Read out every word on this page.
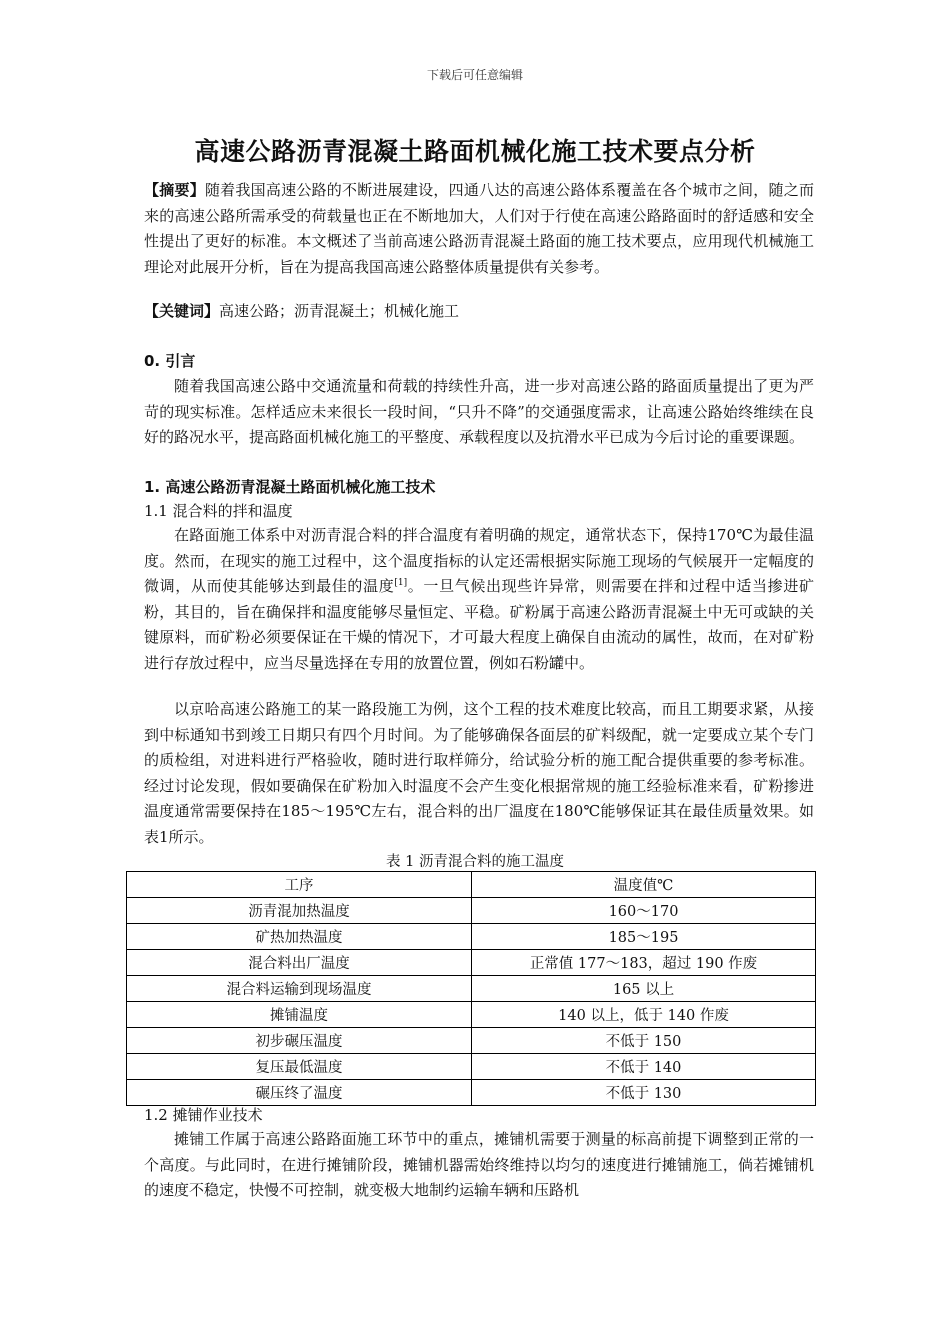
下载后可任意编辑
高速公路沥青混凝土路面机械化施工技术要点分析
【摘要】随着我国高速公路的不断进展建设，四通八达的高速公路体系覆盖在各个城市之间，随之而来的高速公路所需承受的荷载量也正在不断地加大，人们对于行使在高速公路路面时的舒适感和安全性提出了更好的标准。本文概述了当前高速公路沥青混凝土路面的施工技术要点，应用现代机械施工理论对此展开分析，旨在为提高我国高速公路整体质量提供有关参考。
【关键词】高速公路；沥青混凝土；机械化施工
0. 引言
随着我国高速公路中交通流量和荷载的持续性升高，进一步对高速公路的路面质量提出了更为严苛的现实标准。怎样适应未来很长一段时间，“只升不降”的交通强度需求，让高速公路始终维续在良好的路况水平，提高路面机械化施工的平整度、承载程度以及抗滑水平已成为今后讨论的重要课题。
1. 高速公路沥青混凝土路面机械化施工技术
1.1 混合料的拌和温度
在路面施工体系中对沥青混合料的拌合温度有着明确的规定，通常状态下，保持170℃为最佳温度。然而，在现实的施工过程中，这个温度指标的认定还需根据实际施工现场的气候展开一定幅度的微调，从而使其能够达到最佳的温度[1]。一旦气候出现些许异常，则需要在拌和过程中适当掺进矿粉，其目的，旨在确保拌和温度能够尽量恒定、平稳。矿粉属于高速公路沥青混凝土中无可或缺的关键原料，而矿粉必须要保证在干燥的情况下，才可最大程度上确保自由流动的属性，故而，在对矿粉进行存放过程中，应当尽量选择在专用的放置位置，例如石粉罐中。
以京哈高速公路施工的某一路段施工为例，这个工程的技术难度比较高，而且工期要求紧，从接到中标通知书到竣工日期只有四个月时间。为了能够确保各面层的矿料级配，就一定要成立某个专门的质检组，对进料进行严格验收，随时进行取样筛分，给试验分析的施工配合提供重要的参考标准。经过讨论发现，假如要确保在矿粉加入时温度不会产生变化根据常规的施工经验标准来看，矿粉掺进温度通常需要保持在185～195℃左右，混合料的出厂温度在180℃能够保证其在最佳质量效果。如表1所示。
表 1 沥青混合料的施工温度
工序	温度值℃
沥青混加热温度	160～170
矿热加热温度	185～195
混合料出厂温度	正常值 177～183，超过 190 作废
混合料运输到现场温度	165 以上
摊铺温度	140 以上，低于 140 作废
初步碾压温度	不低于 150
复压最低温度	不低于 140
碾压终了温度	不低于 130
1.2 摊铺作业技术
摊铺工作属于高速公路路面施工环节中的重点，摊铺机需要于测量的标高前提下调整到正常的一个高度。与此同时，在进行摊铺阶段，摊铺机器需始终维持以均匀的速度进行摊铺施工，倘若摊铺机的速度不稳定，快慢不可控制，就变极大地制约运输车辆和压路机
